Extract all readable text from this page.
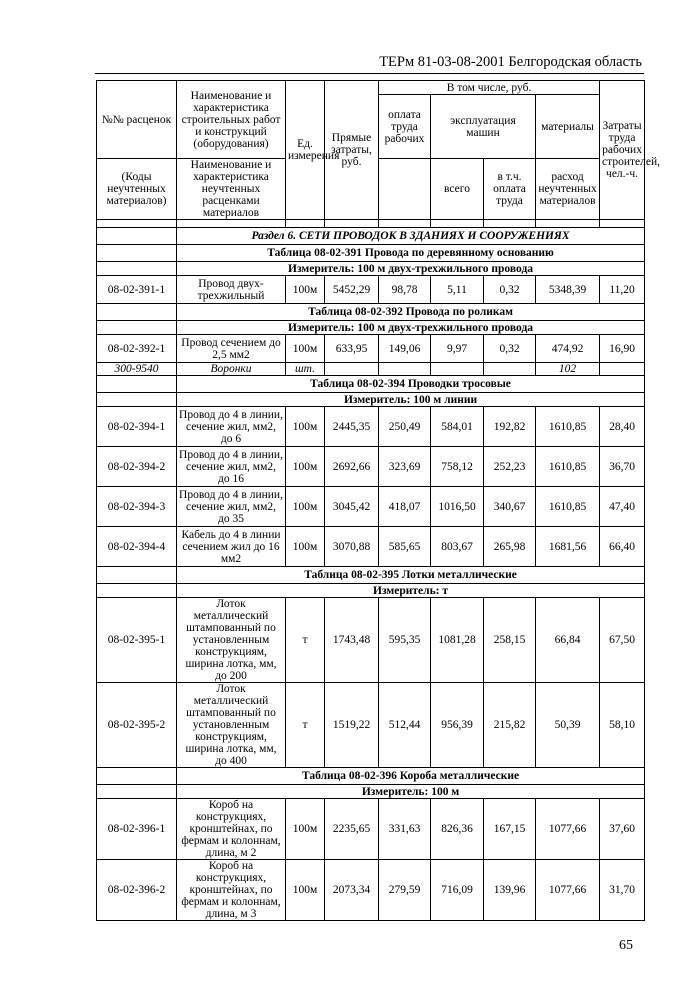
ТЕРм 81-03-08-2001 Белгородская область
№№ расценок	Наименование и характеристика строительных работ и конструкций (оборудования)	Ед. измерения	Прямые затраты, руб.	В том числе, руб.				Затраты труда рабочих строителей, чел.-ч.
				оплата труда рабочих	эксплуатация машин		материалы	
(Коды неучтенных материалов)	Наименование и характеристика неучтенных расценками материалов				всего	в т.ч. оплата труда	расход неучтенных материалов	

	Раздел 6. СЕТИ ПРОВОДОК В ЗДАНИЯХ И СООРУЖЕНИЯХ							
	Таблица 08-02-391 Провода по деревянному основанию							
	Измеритель: 100 м двух-трехжильного провода							
08-02-391-1	Провод двух-трехжильный	100м	5452,29	98,78	5,11	0,32	5348,39	11,20
	Таблица 08-02-392 Провода по роликам							
	Измеритель: 100 м двух-трехжильного провода							
08-02-392-1	Провод сечением до 2,5 мм2	100м	633,95	149,06	9,97	0,32	474,92	16,90
300-9540	Воронки	шт.					102	
	Таблица 08-02-394 Проводки тросовые							
	Измеритель: 100 м линии							
08-02-394-1	Провод до 4 в линии, сечение жил, мм2, до 6	100м	2445,35	250,49	584,01	192,82	1610,85	28,40
08-02-394-2	Провод до 4 в линии, сечение жил, мм2, до 16	100м	2692,66	323,69	758,12	252,23	1610,85	36,70
08-02-394-3	Провод до 4 в линии, сечение жил, мм2, до 35	100м	3045,42	418,07	1016,50	340,67	1610,85	47,40
08-02-394-4	Кабель до 4 в линии сечением жил до 16 мм2	100м	3070,88	585,65	803,67	265,98	1681,56	66,40
	Таблица 08-02-395 Лотки металлические							
	Измеритель: т							
08-02-395-1	Лоток металлический штампованный по установленным конструкциям, ширина лотка, мм, до 200	т	1743,48	595,35	1081,28	258,15	66,84	67,50
08-02-395-2	Лоток металлический штампованный по установленным конструкциям, ширина лотка, мм, до 400	т	1519,22	512,44	956,39	215,82	50,39	58,10
	Таблица 08-02-396 Короба металлические							
	Измеритель: 100 м							
08-02-396-1	Короб на конструкциях, кронштейнах, по фермам и колоннам, длина, м 2	100м	2235,65	331,63	826,36	167,15	1077,66	37,60
08-02-396-2	Короб на конструкциях, кронштейнах, по фермам и колоннам, длина, м 3	100м	2073,34	279,59	716,09	139,96	1077,66	31,70
65
